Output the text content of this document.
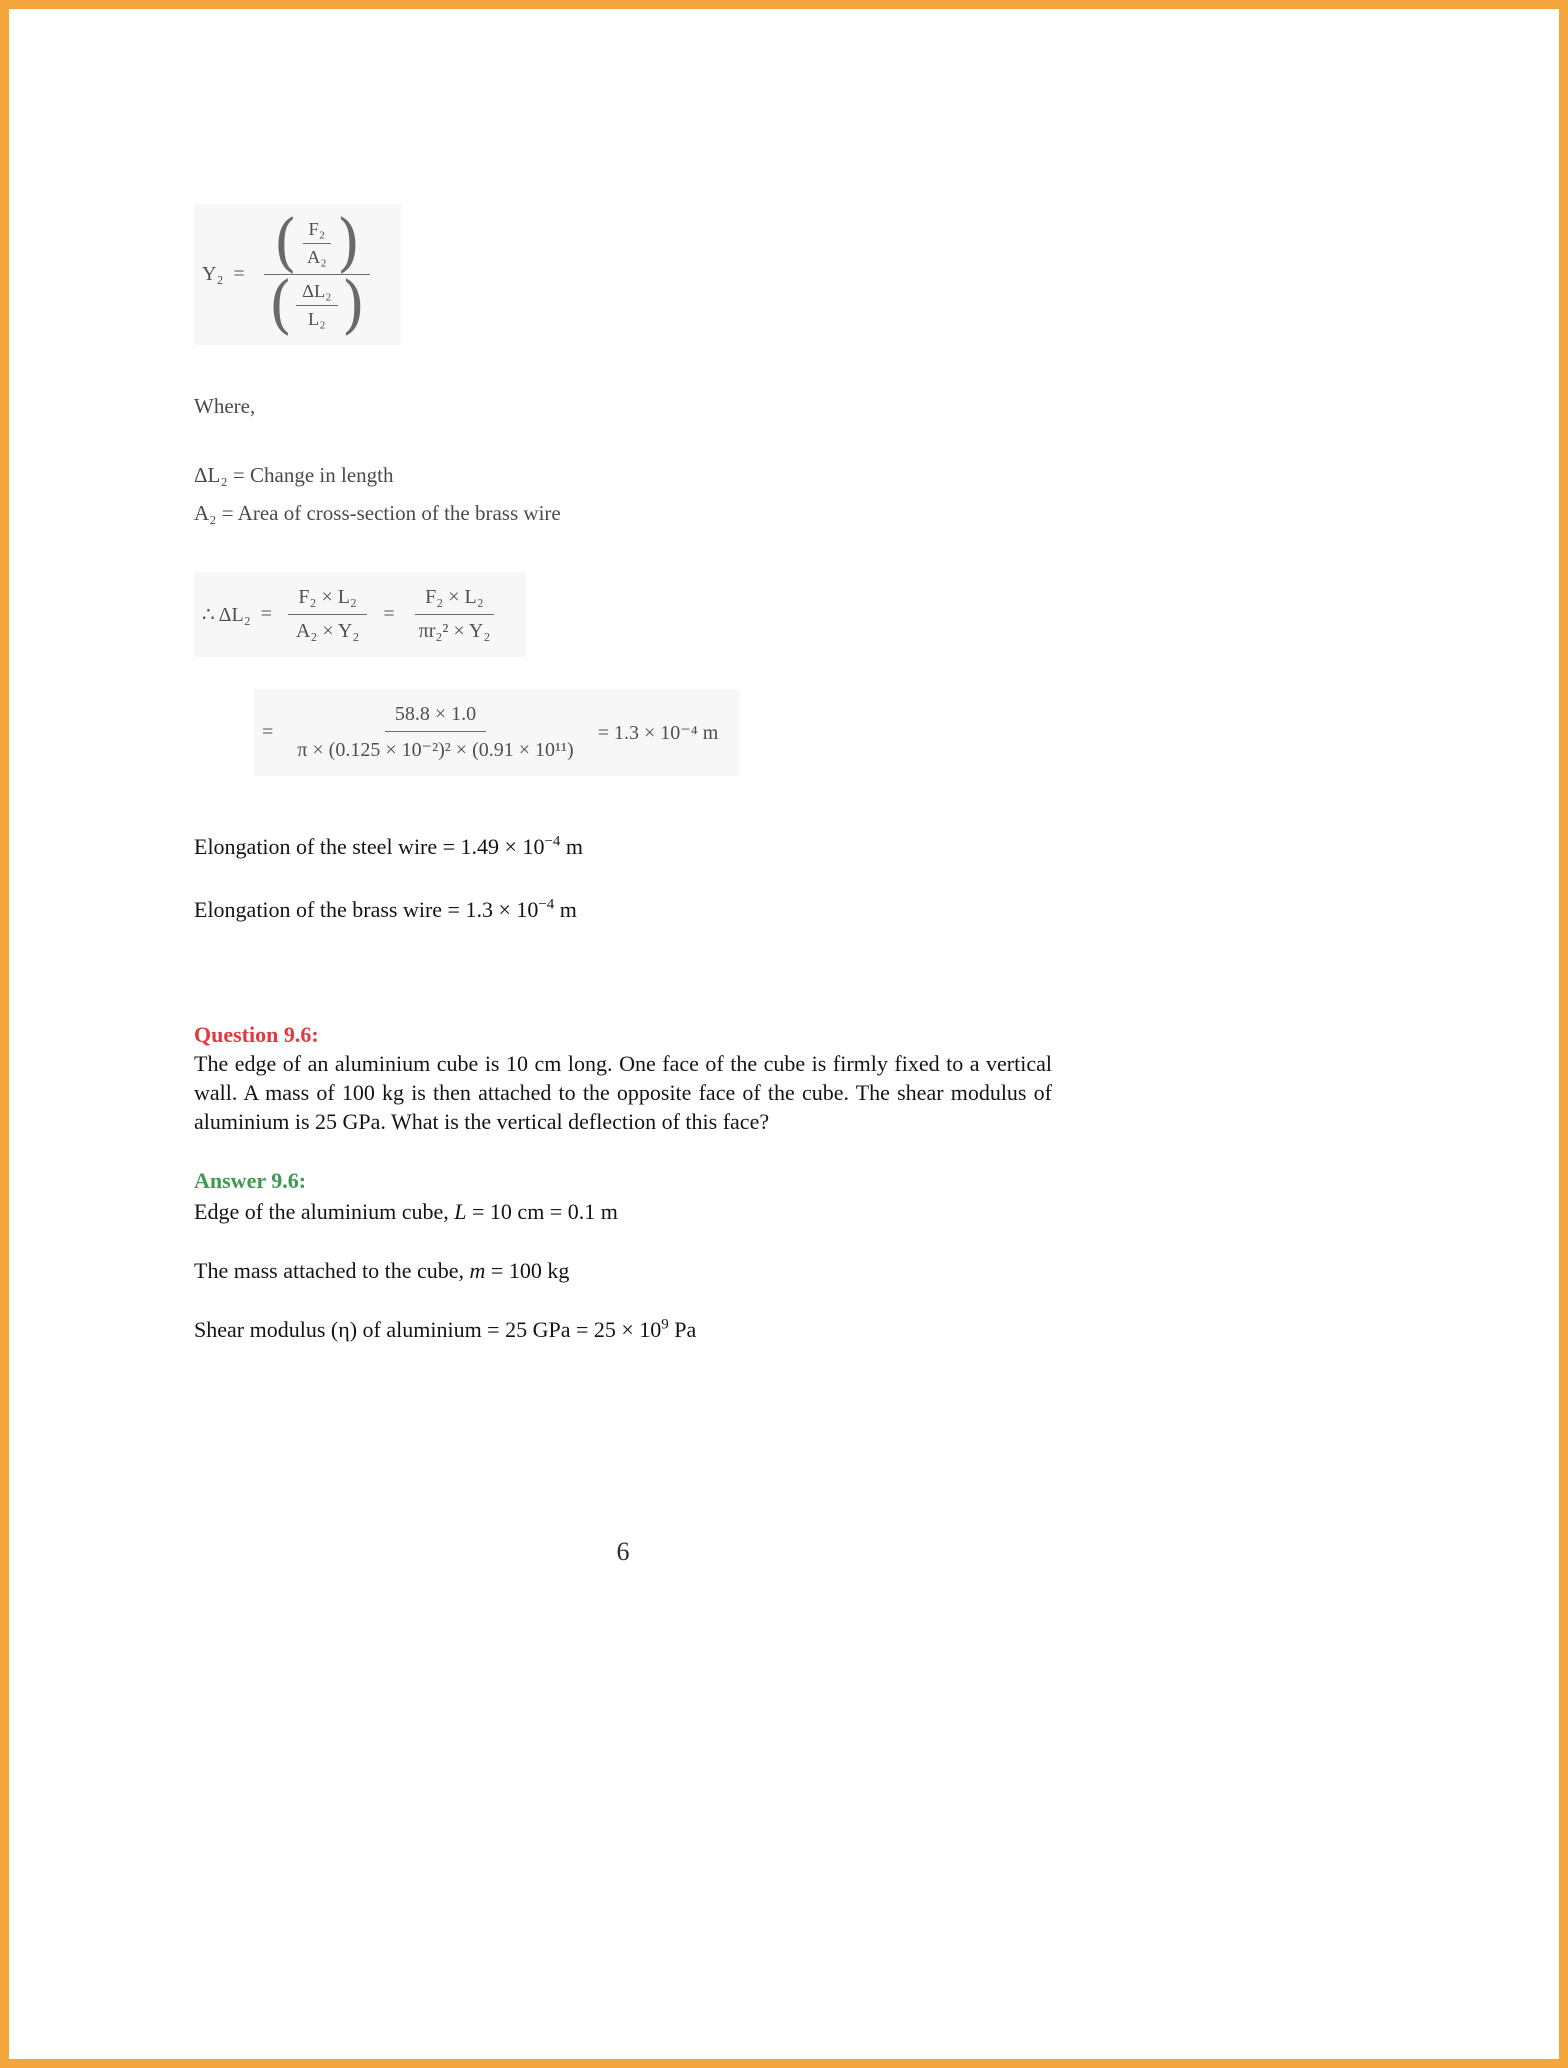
Y₂ = ( $\frac{\text{F₂}}{\text{A₂}}$ )
( $\frac{\text{ΔL₂}}{\text{L₂}}$ )

Where,

ΔL₂ = Change in length

A₂ = Area of cross-section of the brass wire

∴ $\Delta L_2 = \frac{\text{F₂ × L₂}}{\text{A₂ × Y₂}} = \frac{\text{F₂ × L₂}}{\text{πr₂² × Y₂}}$

= $\frac{58.8 \times 1.0}{\text{π × (0.125 × 10⁻²)² × (0.91 × 10¹¹)}} = 1.3 \times 10^{-4}$ m

Elongation of the steel wire = $1.49 \times 10^{-4}$ m

Elongation of the brass wire = $1.3 \times 10^{-4}$ m

Question 9.6:

The edge of an aluminium cube is 10 cm long. One face of the cube is firmly fixed to a vertical wall. A mass of 100 kg is then attached to the opposite face of the cube. The shear modulus of aluminium is 25 GPa. What is the vertical deflection of this face?

Answer 9.6:

Edge of the aluminium cube, L = 10 cm = 0.1 m

The mass attached to the cube, m = 100 kg

Shear modulus (η) of aluminium = 25 GPa = $25 \times 10^9$ Pa

6
